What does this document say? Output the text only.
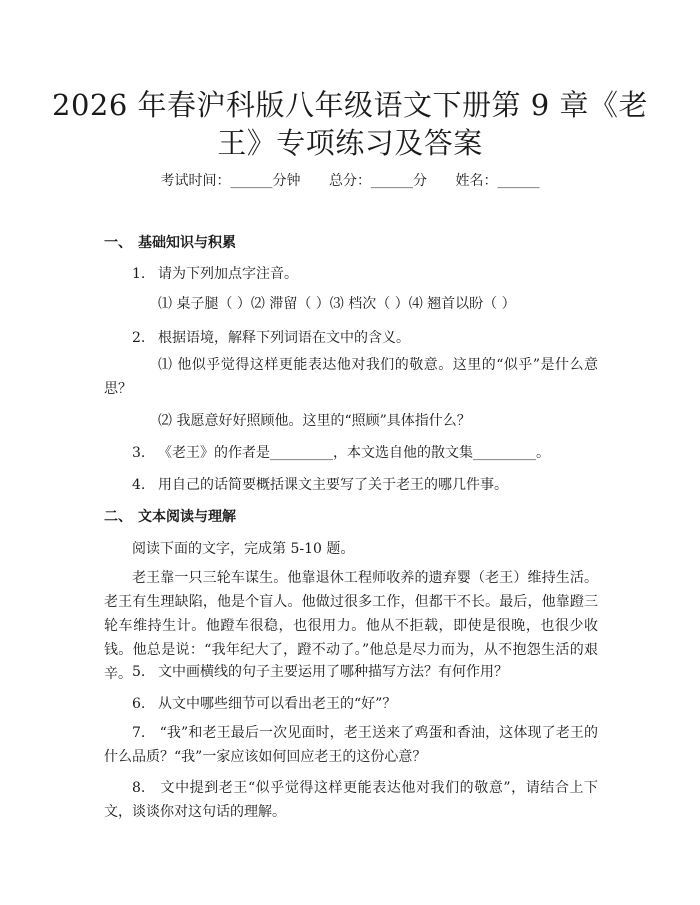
2026 年春沪科版八年级语文下册第 9 章《老
王》专项练习及答案
考试时间：______分钟 总分：______分 姓名：______
一、 基础知识与积累
1. 请为下列加点字注音。
⑴ 桌子腿（ ）⑵ 滞留（ ）⑶ 档次（ ）⑷ 翘首以盼（ ）
2. 根据语境，解释下列词语在文中的含义。
⑴ 他似乎觉得这样更能表达他对我们的敬意。这里的“似乎”是什么意思？
⑵ 我愿意好好照顾他。这里的“照顾”具体指什么？
3. 《老王》的作者是_________，本文选自他的散文集_________。
4. 用自己的话简要概括课文主要写了关于老王的哪几件事。
二、 文本阅读与理解
阅读下面的文字，完成第 5-10 题。
老王靠一只三轮车谋生。他靠退休工程师收养的遗弃婴（老王）维持生活。老王有生理缺陷，他是个盲人。他做过很多工作，但都干不长。最后，他靠蹬三轮车维持生计。他蹬车很稳，也很用力。他从不拒载，即使是很晚，也很少收钱。他总是说：“我年纪大了，蹬不动了。”他总是尽力而为，从不抱怨生活的艰辛。 5. 文中画横线的句子主要运用了哪种描写方法？有何作用？
6. 从文中哪些细节可以看出老王的“好”？
7.　“我”和老王最后一次见面时，老王送来了鸡蛋和香油，这体现了老王的什么品质？“我”一家应该如何回应老王的这份心意？
8.　文中提到老王“似乎觉得这样更能表达他对我们的敬意”，请结合上下文，谈谈你对这句话的理解。
